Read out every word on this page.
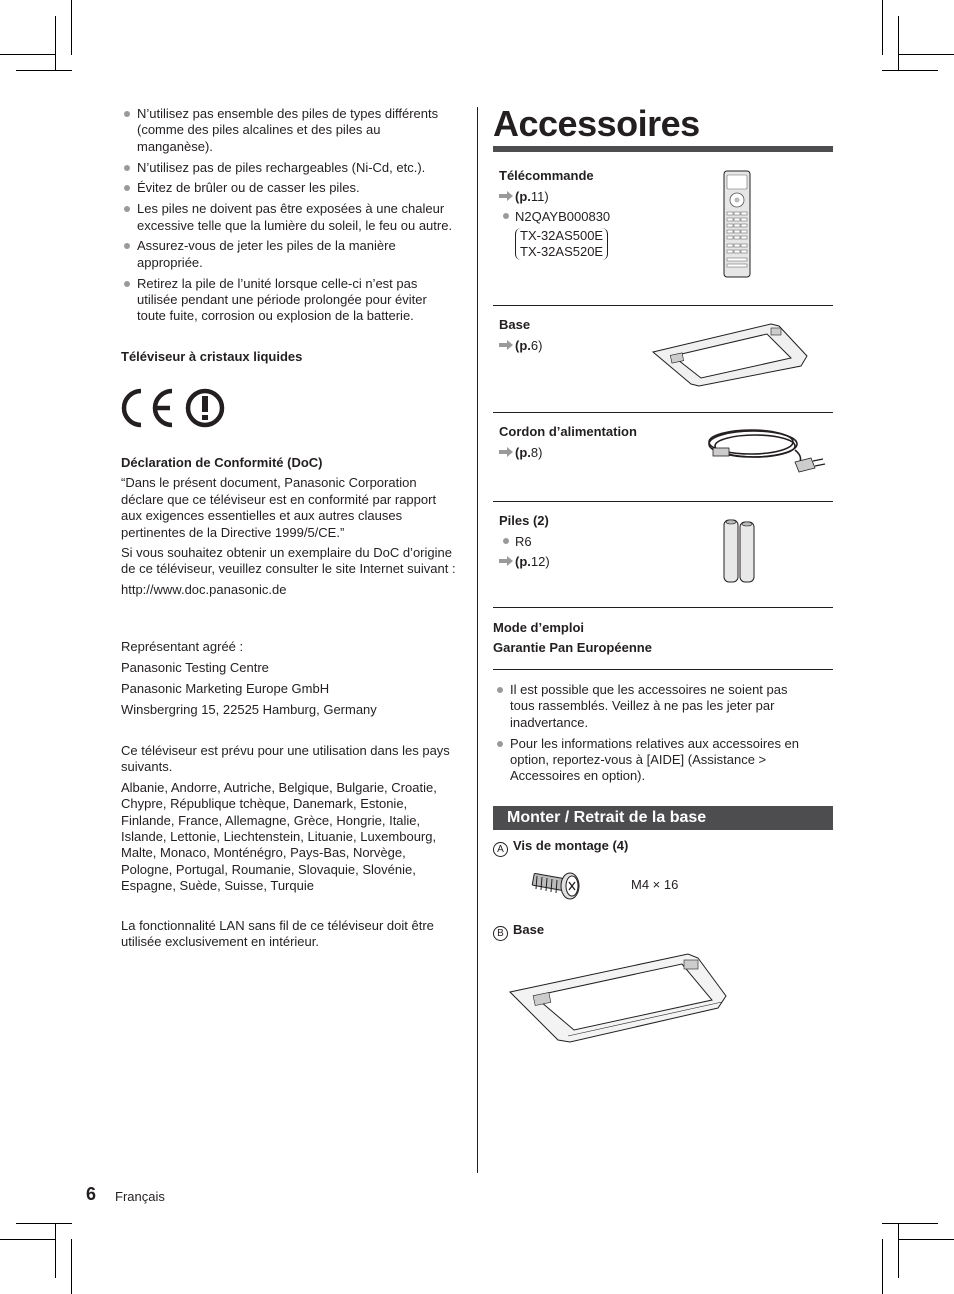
N’utilisez pas ensemble des piles de types différents (comme des piles alcalines et des piles au manganèse).
N’utilisez pas de piles rechargeables (Ni-Cd, etc.).
Évitez de brûler ou de casser les piles.
Les piles ne doivent pas être exposées à une chaleur excessive telle que la lumière du soleil, le feu ou autre.
Assurez-vous de jeter les piles de la manière appropriée.
Retirez la pile de l’unité lorsque celle-ci n’est pas utilisée pendant une période prolongée pour éviter toute fuite, corrosion ou explosion de la batterie.
Téléviseur à cristaux liquides
Déclaration de Conformité (DoC)

“Dans le présent document, Panasonic Corporation déclare que ce téléviseur est en conformité par rapport aux exigences essentielles et aux autres clauses pertinentes de la Directive 1999/5/CE.”

Si vous souhaitez obtenir un exemplaire du DoC d’origine de ce téléviseur, veuillez consulter le site Internet suivant :

http://www.doc.panasonic.de

Représentant agréé :

Panasonic Testing Centre

Panasonic Marketing Europe GmbH

Winsbergring 15, 22525 Hamburg, Germany

Ce téléviseur est prévu pour une utilisation dans les pays suivants.

Albanie, Andorre, Autriche, Belgique, Bulgarie, Croatie, Chypre, République tchèque, Danemark, Estonie, Finlande, France, Allemagne, Grèce, Hongrie, Italie, Islande, Lettonie, Liechtenstein, Lituanie, Luxembourg, Malte, Monaco, Monténégro, Pays-Bas, Norvège, Pologne, Portugal, Roumanie, Slovaquie, Slovénie, Espagne, Suède, Suisse, Turquie

La fonctionnalité LAN sans fil de ce téléviseur doit être utilisée exclusivement en intérieur.

Accessoires
Télécommande
(p. 11)
N2QAYB000830
TX-32AS500E
TX-32AS520E
Base
(p. 6)
Cordon d’alimentation
(p. 8)
Piles (2)
R6
(p. 12)
Mode d’emploi
Garantie Pan Européenne
Il est possible que les accessoires ne soient pas tous rassemblés. Veillez à ne pas les jeter par inadvertance.
Pour les informations relatives aux accessoires en option, reportez-vous à [AIDE] (Assistance > Accessoires en option).
Monter / Retrait de la base
A Vis de montage (4)
M4 × 16
B Base
6 Français
